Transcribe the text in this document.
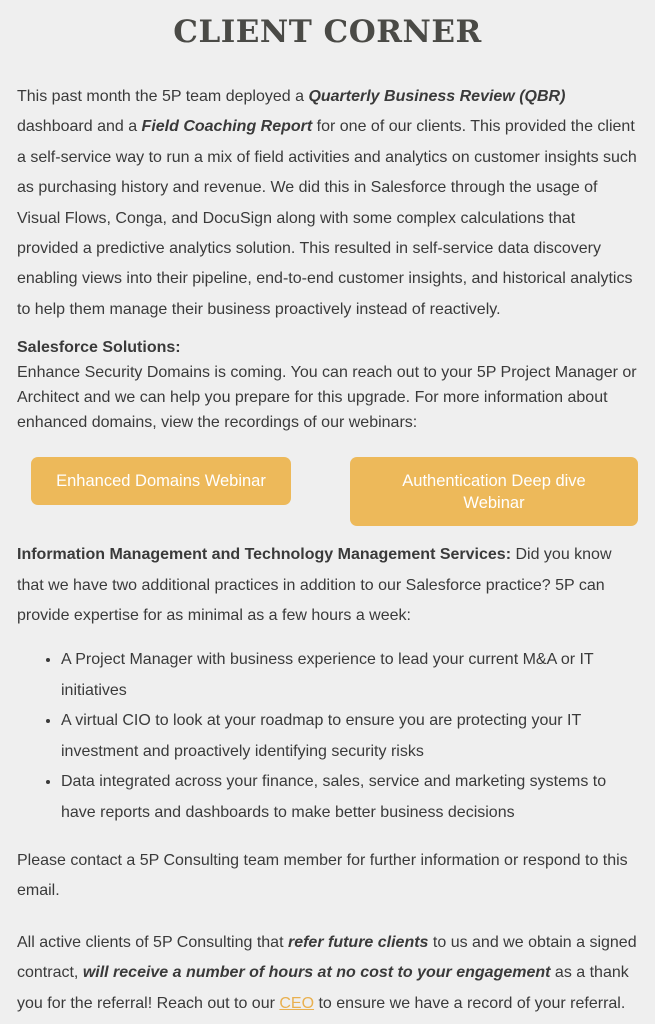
CLIENT CORNER

This past month the 5P team deployed a Quarterly Business Review (QBR) dashboard and a Field Coaching Report for one of our clients. This provided the client a self-service way to run a mix of field activities and analytics on customer insights such as purchasing history and revenue. We did this in Salesforce through the usage of Visual Flows, Conga, and DocuSign along with some complex calculations that provided a predictive analytics solution. This resulted in self-service data discovery enabling views into their pipeline, end-to-end customer insights, and historical analytics to help them manage their business proactively instead of reactively.

Salesforce Solutions:
Enhance Security Domains is coming. You can reach out to your 5P Project Manager or Architect and we can help you prepare for this upgrade. For more information about enhanced domains, view the recordings of our webinars:
Enhanced Domains Webinar	Authentication Deep dive Webinar

Information Management and Technology Management Services: Did you know that we have two additional practices in addition to our Salesforce practice? 5P can provide expertise for as minimal as a few hours a week:

• A Project Manager with business experience to lead your current M&A or IT initiatives
• A virtual CIO to look at your roadmap to ensure you are protecting your IT investment and proactively identifying security risks
• Data integrated across your finance, sales, service and marketing systems to have reports and dashboards to make better business decisions

Please contact a 5P Consulting team member for further information or respond to this email.

All active clients of 5P Consulting that refer future clients to us and we obtain a signed contract, will receive a number of hours at no cost to your engagement as a thank you for the referral! Reach out to our CEO to ensure we have a record of your referral.
